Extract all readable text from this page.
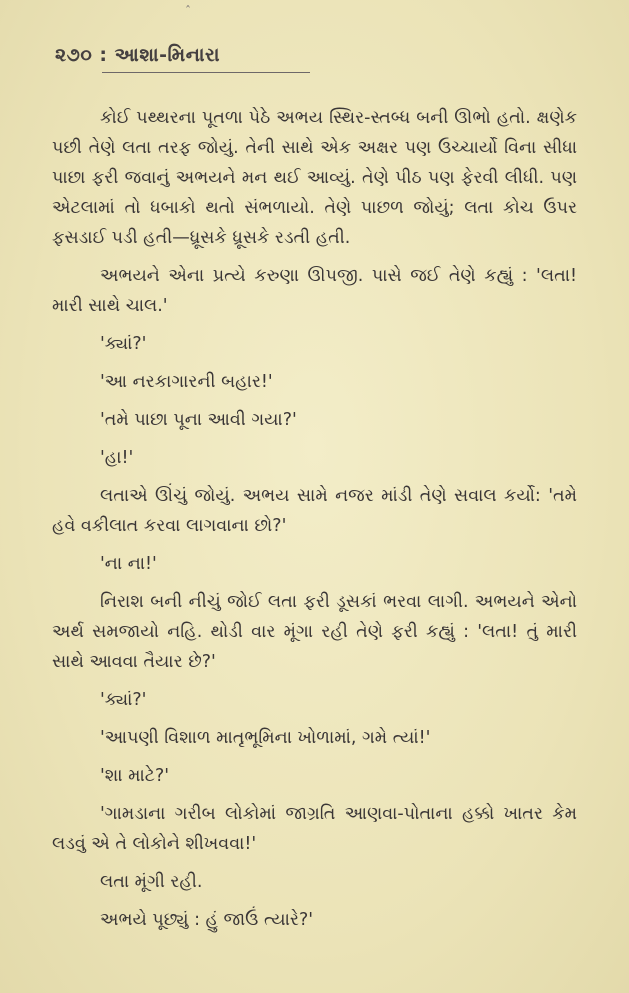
ˆ
૨૭૦ : આશા-મિનારા

કોઈ પથ્થરના પૂતળા પેઠે અભય સ્થિર-સ્તબ્ધ બની ઊભો હતો. ક્ષણેક પછી તેણે લતા તરફ જોયું. તેની સાથે એક અક્ષર પણ ઉચ્ચાર્યો વિના સીધા પાછા ફરી જવાનું અભયને મન થઈ આવ્યું. તેણે પીઠ પણ ફેરવી લીધી. પણ એટલામાં તો ધબાકો થતો સંભળાયો. તેણે પાછળ જોયું; લતા કોચ ઉપર ફસડાઈ પડી હતી—ધ્રૂસકે ધ્રૂસકે રડતી હતી.

અભયને એના પ્રત્યે કરુણા ઊપજી. પાસે જઈ તેણે કહ્યું : 'લતા! મારી સાથે ચાલ.'

'ક્યાં?'

'આ નરકાગારની બહાર!'

'તમે પાછા પૂના આવી ગયા?'

'હા!'

લતાએ ઊંચું જોયું. અભય સામે નજર માંડી તેણે સવાલ કર્યો: 'તમે હવે વકીલાત કરવા લાગવાના છો?'

'ના ના!'

નિરાશ બની નીચું જોઈ લતા ફરી ડૂસકાં ભરવા લાગી. અભયને એનો અર્થ સમજાયો નહિ. થોડી વાર મૂંગા રહી તેણે ફરી કહ્યું : 'લતા! તું મારી સાથે આવવા તૈયાર છે?'

'ક્યાં?'

'આપણી વિશાળ માતૃભૂમિના ખોળામાં, ગમે ત્યાં!'

'શા માટે?'

'ગામડાના ગરીબ લોકોમાં જાગ્રતિ આણવા-પોતાના હક્કો ખાતર કેમ લડવું એ તે લોકોને શીખવવા!'

લતા મૂંગી રહી.

અભયે પૂછ્યું : હું જાઉં ત્યારે?'
